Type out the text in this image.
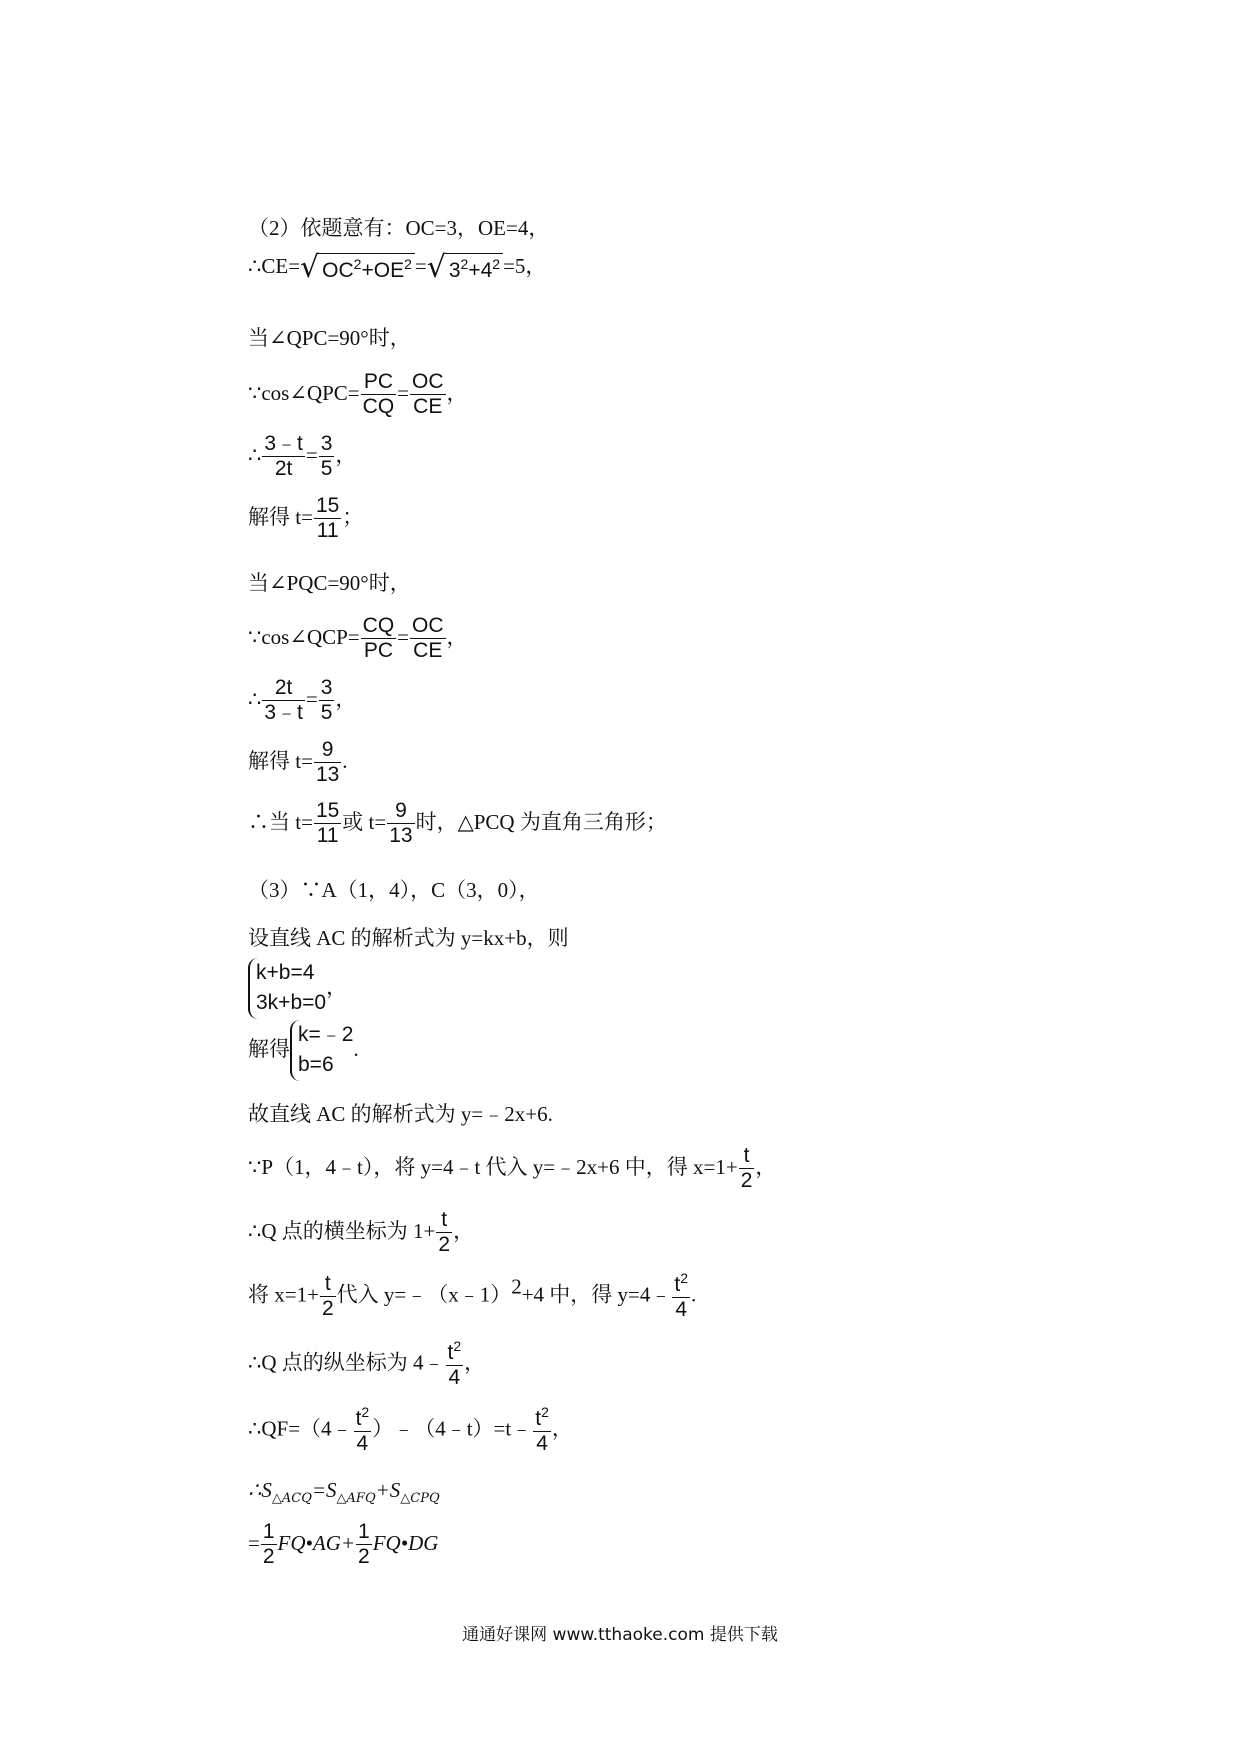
（2）依题意有：OC=3，OE=4，
∴CE=√ $OC^2+OE^2$ =√ $3^2+4^2 =5$，
当∠QPC=90°时，
∵cos∠QPC= $\frac{PC}{CQ} = \frac{OC}{CE}$ ，
∴ $\frac{3﹣t}{2t} = \frac{3}{5}$ ，
解得 $t= \frac{15}{11}$ ；
当∠PQC=90°时，
∵cos∠QCP= $\frac{CQ}{PC} = \frac{OC}{CE}$ ，
∴ $\frac{2t}{3﹣t} = \frac{3}{5}$ ，
解得 $t= \frac{9}{13}$ .
∴当 $t= \frac{15}{11}$ 或 $t= \frac{9}{13}$ 时，△PCQ 为直角三角形；
（3）∵A（1，4），C（3，0），
设直线 AC 的解析式为 y=kx+b，则
k+b=4
3k+b=0
，
解得
k=﹣2
b=6
.
故直线 AC 的解析式为 y=﹣2x+6.
∵P（1，4﹣t），将 y=4﹣t 代入 y=﹣2x+6 中，得 $x=1+ \frac{t}{2}$ ，
∴Q 点的横坐标为 $1+ \frac{t}{2}$ ，
将 $x=1+ \frac{t}{2}$ 代入 y=﹣（x﹣1）$^2$+4 中，得 y=4﹣ $\frac{t^2}{4}$ .
∴Q 点的纵坐标为 4﹣ $\frac{t^2}{4}$ ，
∴QF=（4﹣ $\frac{t^2}{4}$ ）﹣（4﹣t）=t﹣ $\frac{t^2}{4}$ ，
$\therefore S_{\triangle ACQ}=S_{\triangle AFQ}+S_{\triangle CPQ}$
= $\frac{1}{2}$ FQ•AG+ $\frac{1}{2}$ FQ•DG
通通好课网 www.tthaoke.com 提供下载
